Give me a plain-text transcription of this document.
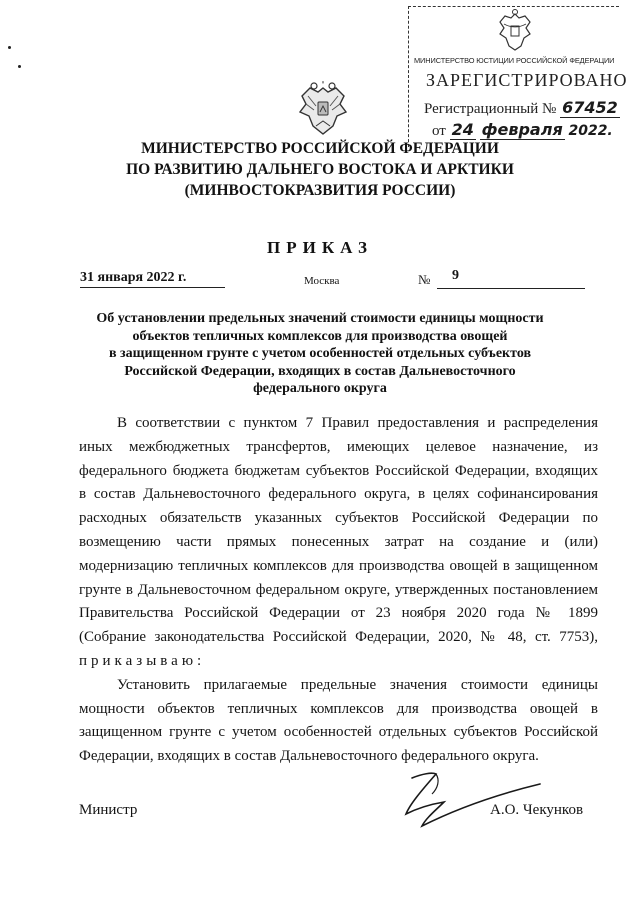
МИНИСТЕРСТВО ЮСТИЦИИ РОССИЙСКОЙ ФЕДЕРАЦИИ
ЗАРЕГИСТРИРОВАНО
Регистрационный № 67452
от 24 февраля 2022.
МИНИСТЕРСТВО РОССИЙСКОЙ ФЕДЕРАЦИИ
ПО РАЗВИТИЮ ДАЛЬНЕГО ВОСТОКА И АРКТИКИ
(МИНВОСТОКРАЗВИТИЯ РОССИИ)
ПРИКАЗ
31 января 2022 г.	Москва	№ 9
Об установлении предельных значений стоимости единицы мощности
объектов тепличных комплексов для производства овощей
в защищенном грунте с учетом особенностей отдельных субъектов
Российской Федерации, входящих в состав Дальневосточного
федерального округа
В соответствии с пунктом 7 Правил предоставления и распределения
иных межбюджетных трансфертов, имеющих целевое назначение, из
федерального бюджета бюджетам субъектов Российской Федерации, входящих
в состав Дальневосточного федерального округа, в целях софинансирования
расходных обязательств указанных субъектов Российской Федерации по
возмещению части прямых понесенных затрат на создание и (или)
модернизацию тепличных комплексов для производства овощей в защищенном
грунте в Дальневосточном федеральном округе, утвержденных постановлением
Правительства Российской Федерации от 23 ноября 2020 года № 1899
(Собрание законодательства Российской Федерации, 2020, № 48, ст. 7753),
приказываю:
Установить прилагаемые предельные значения стоимости единицы
мощности объектов тепличных комплексов для производства овощей в
защищенном грунте с учетом особенностей отдельных субъектов Российской
Федерации, входящих в состав Дальневосточного федерального округа.
Министр	А.О. Чекунков
